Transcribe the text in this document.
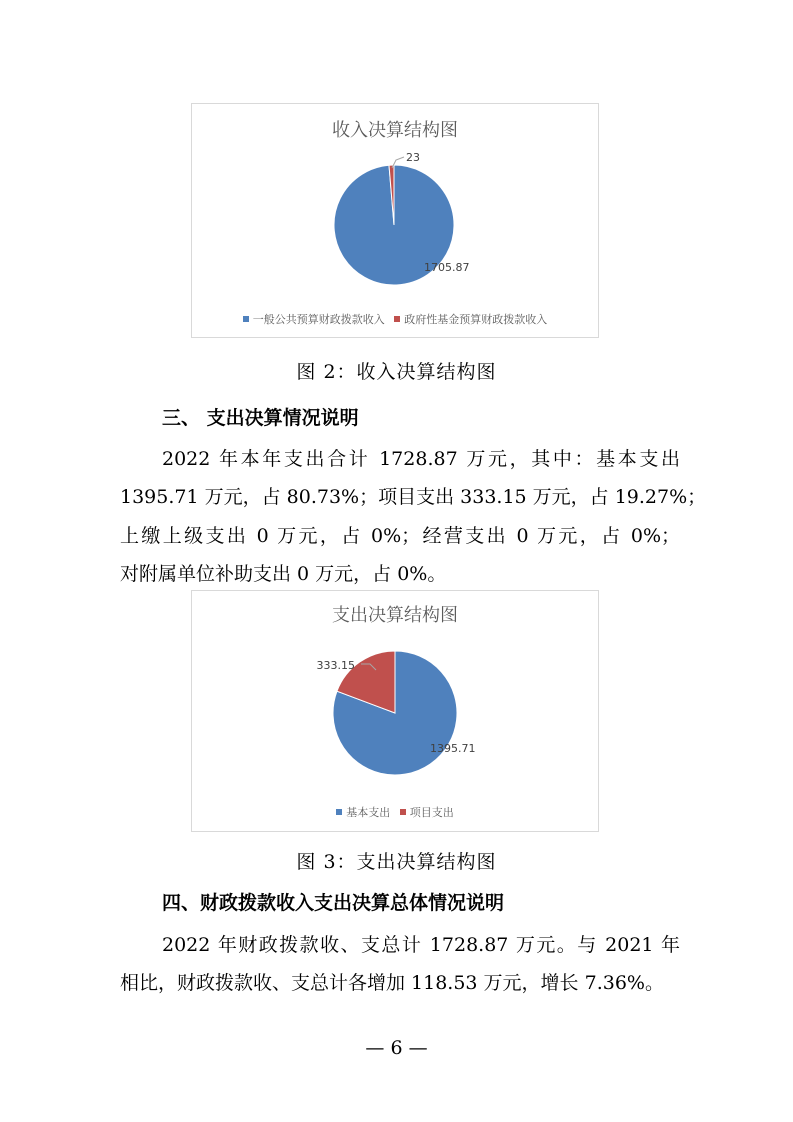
收入决算结构图
1705.87
23
一般公共预算财政拨款收入 政府性基金预算财政拨款收入
图 2：收入决算结构图
三、 支出决算情况说明
2022 年本年支出合计 1728.87 万元，其中：基本支出
1395.71 万元，占 80.73%；项目支出 333.15 万元，占 19.27%；
上缴上级支出 0 万元，占 0%；经营支出 0 万元，占 0%；
对附属单位补助支出 0 万元，占 0%。
支出决算结构图
1395.71
333.15
基本支出 项目支出
图 3：支出决算结构图
四、财政拨款收入支出决算总体情况说明
2022 年财政拨款收、支总计 1728.87 万元。与 2021 年
相比，财政拨款收、支总计各增加 118.53 万元，增长 7.36%。
— 6 —
